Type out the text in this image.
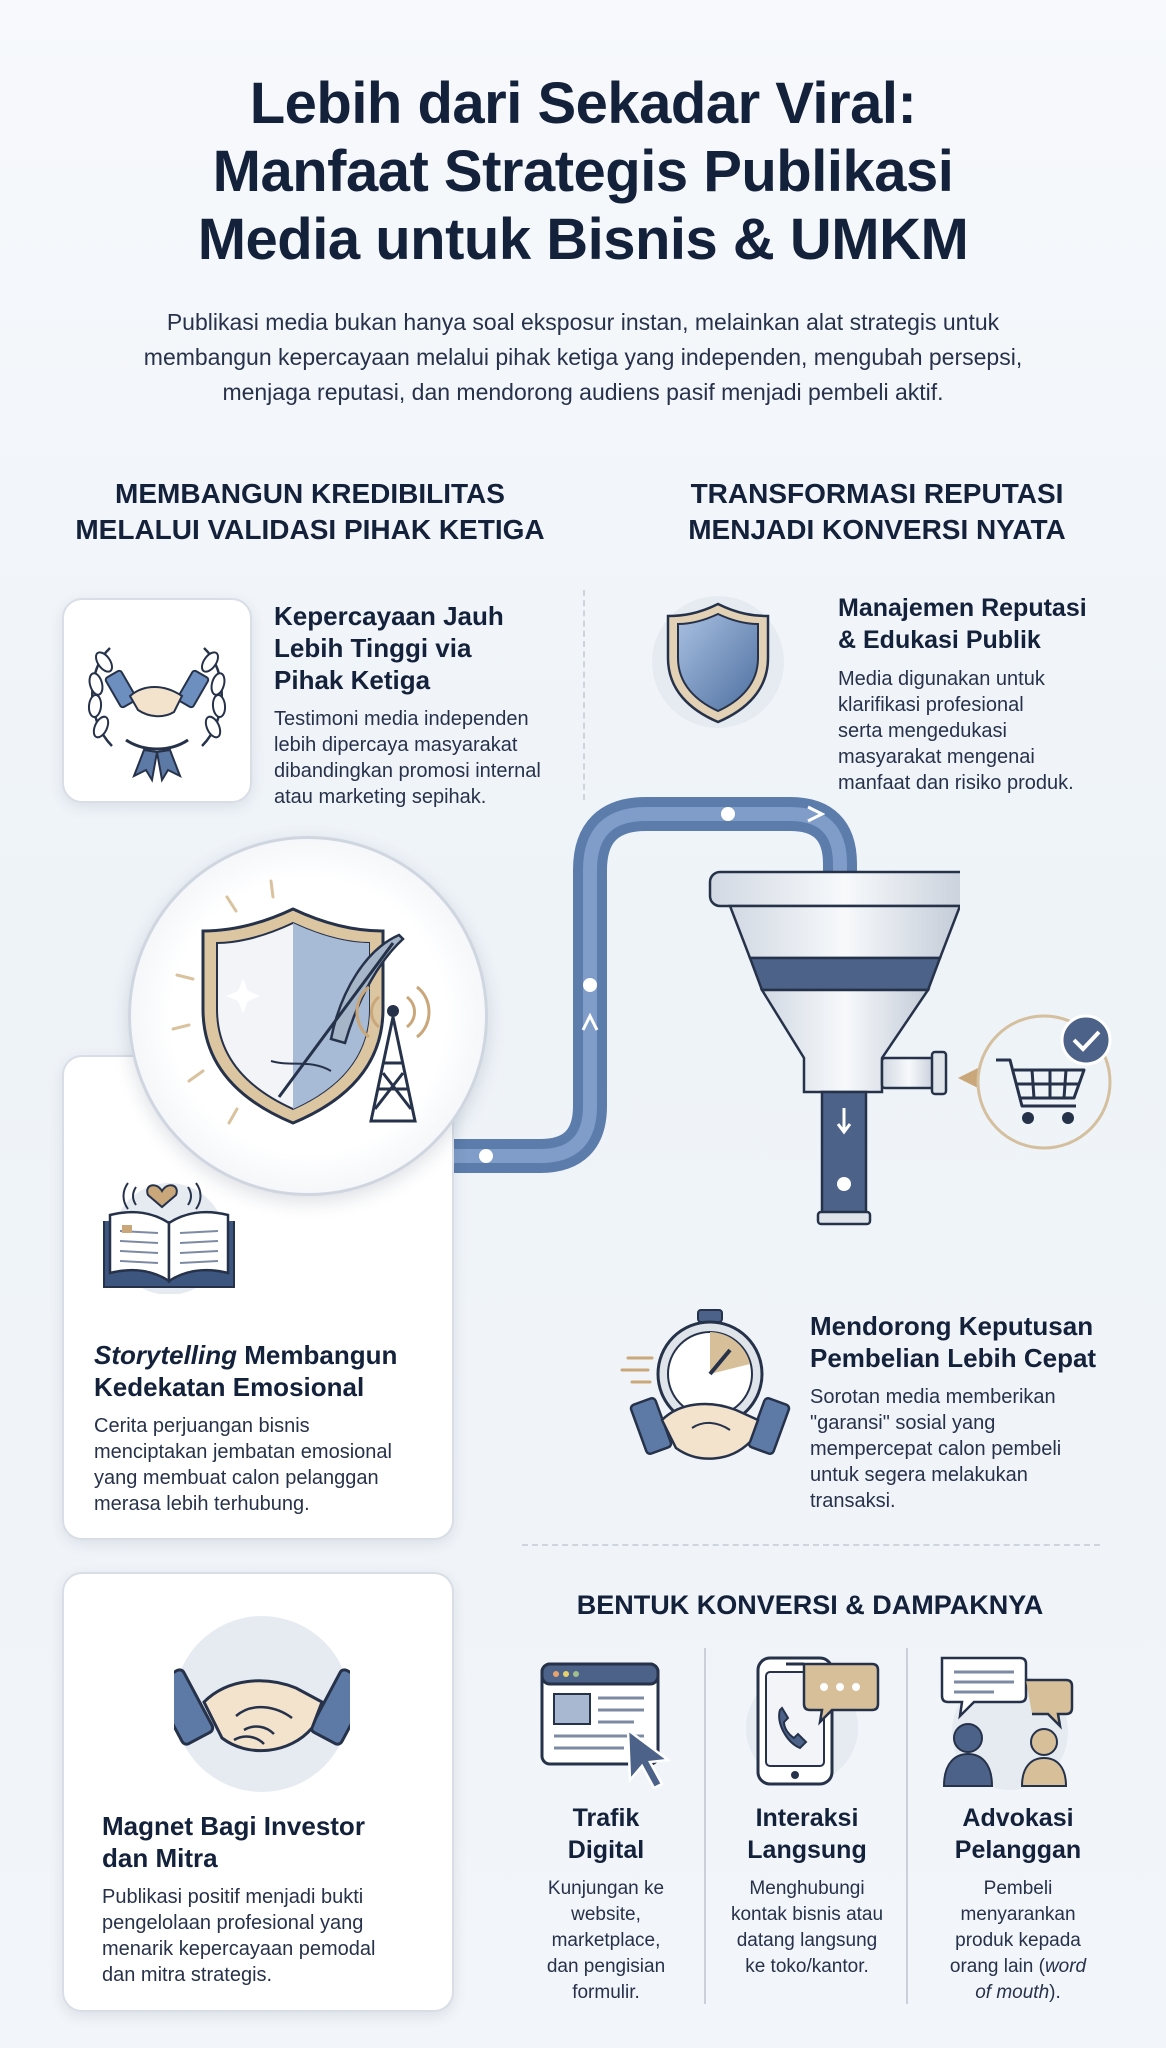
Lebih dari Sekadar Viral:
Manfaat Strategis Publikasi
Media untuk Bisnis & UMKM

Publikasi media bukan hanya soal eksposur instan, melainkan alat strategis untuk
membangun kepercayaan melalui pihak ketiga yang independen, mengubah persepsi,
menjaga reputasi, dan mendorong audiens pasif menjadi pembeli aktif.

MEMBANGUN KREDIBILITAS
MELALUI VALIDASI PIHAK KETIGA
TRANSFORMASI REPUTASI
MENJADI KONVERSI NYATA
Kepercayaan Jauh
Lebih Tinggi via
Pihak Ketiga
Testimoni media independen
lebih dipercaya masyarakat
dibandingkan promosi internal
atau marketing sepihak.
Manajemen Reputasi
& Edukasi Publik
Media digunakan untuk
klarifikasi profesional
serta mengedukasi
masyarakat mengenai
manfaat dan risiko produk.
Storytelling Membangun
Kedekatan Emosional
Cerita perjuangan bisnis
menciptakan jembatan emosional
yang membuat calon pelanggan
merasa lebih terhubung.
Mendorong Keputusan
Pembelian Lebih Cepat
Sorotan media memberikan
"garansi" sosial yang
mempercepat calon pembeli
untuk segera melakukan
transaksi.
Magnet Bagi Investor
dan Mitra
Publikasi positif menjadi bukti
pengelolaan profesional yang
menarik kepercayaan pemodal
dan mitra strategis.
BENTUK KONVERSI & DAMPAKNYA
Trafik
Digital
Kunjungan ke
website,
marketplace,
dan pengisian
formulir.
Interaksi
Langsung
Menghubungi
kontak bisnis atau
datang langsung
ke toko/kantor.
Advokasi
Pelanggan
Pembeli
menyarankan
produk kepada
orang lain (word
of mouth).
